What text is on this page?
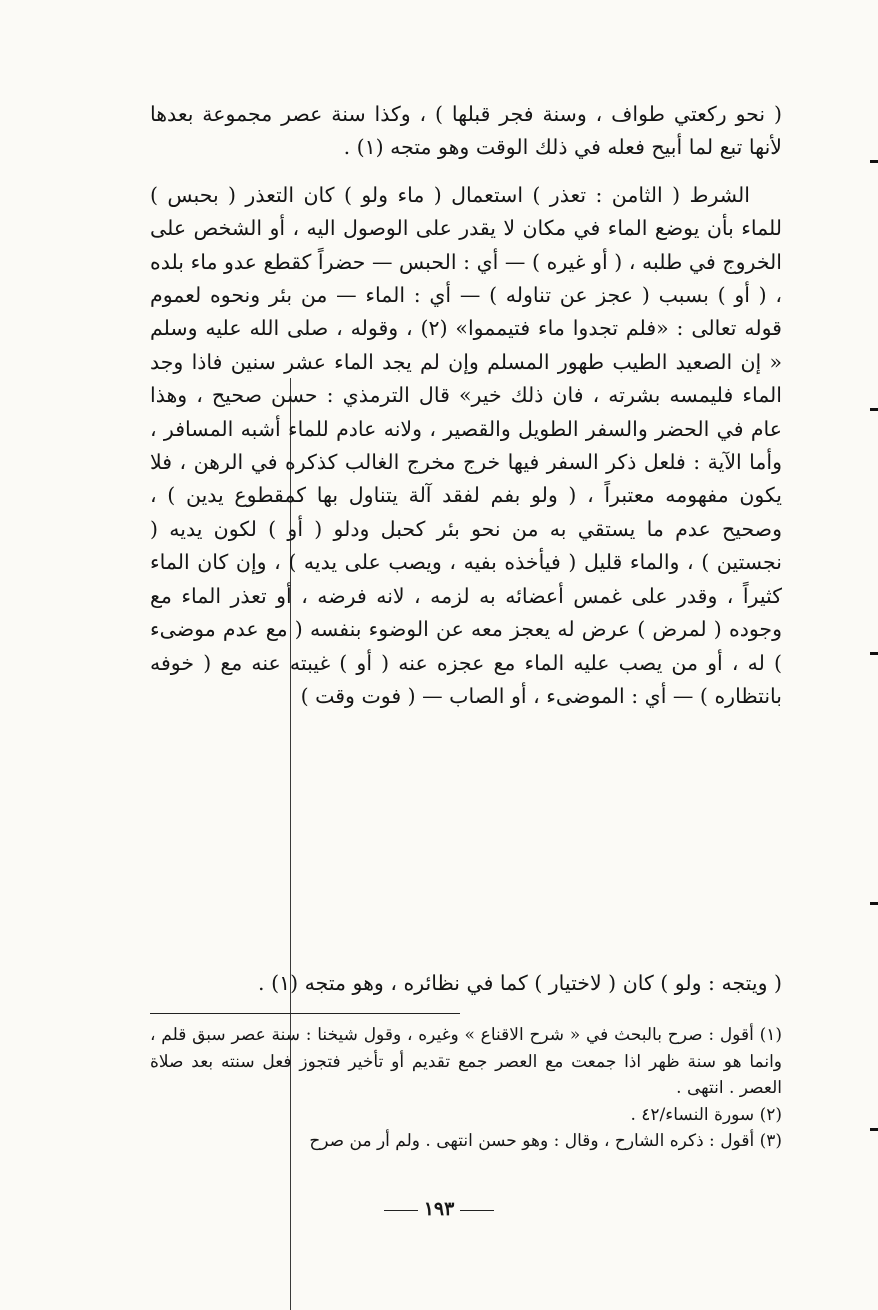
( نحو ركعتي طواف ، وسنة فجر قبلها ) ، وكذا سنة عصر مجموعة بعدها لأنها تبع لما أبيح فعله في ذلك الوقت وهو متجه (١) .

الشرط ( الثامن : تعذر ) استعمال ( ماء ولو ) كان التعذر ( بحبس ) للماء بأن يوضع الماء في مكان لا يقدر على الوصول اليه ، أو الشخص على الخروج في طلبه ، ( أو غيره ) — أي : الحبس — حضراً كقطع عدو ماء بلده ، ( أو ) بسبب ( عجز عن تناوله ) — أي : الماء — من بئر ونحوه لعموم قوله تعالى : «فلم تجدوا ماء فتيمموا» (٢) ، وقوله ، صلى الله عليه وسلم « إن الصعيد الطيب طهور المسلم وإن لم يجد الماء عشر سنين فاذا وجد الماء فليمسه بشرته ، فان ذلك خير» قال الترمذي : حسن صحيح ، وهذا عام في الحضر والسفر الطويل والقصير ، ولانه عادم للماء أشبه المسافر ، وأما الآية : فلعل ذكر السفر فيها خرج مخرج الغالب كذكره في الرهن ، فلا يكون مفهومه معتبراً ، ( ولو بفم لفقد آلة يتناول بها كمقطوع يدين ) ، وصحيح عدم ما يستقي به من نحو بئر كحبل ودلو ( أو ) لكون يديه ( نجستين ) ، والماء قليل ( فيأخذه بفيه ، ويصب على يديه ) ، وإن كان الماء كثيراً ، وقدر على غمس أعضائه به لزمه ، لانه فرضه ، أو تعذر الماء مع وجوده ( لمرض ) عرض له يعجز معه عن الوضوء بنفسه ( مع عدم موضىء ) له ، أو من يصب عليه الماء مع عجزه عنه ( أو ) غيبته عنه مع ( خوفه بانتظاره ) — أي : الموضىء ، أو الصاب — ( فوت وقت )

( ويتجه : ولو ) كان ( لاختيار ) كما في نظائره ، وهو متجه (١) .

(١) أقول : صرح بالبحث في « شرح الاقناع » وغيره ، وقول شيخنا : سنة عصر سبق قلم ، وانما هو سنة ظهر اذا جمعت مع العصر جمع تقديم أو تأخير فتجوز فعل سنته بعد صلاة العصر . انتهى .

(٢) سورة النساء/٤٢ .

(٣) أقول : ذكره الشارح ، وقال : وهو حسن انتهى . ولم أر من صرح

١٩٣
